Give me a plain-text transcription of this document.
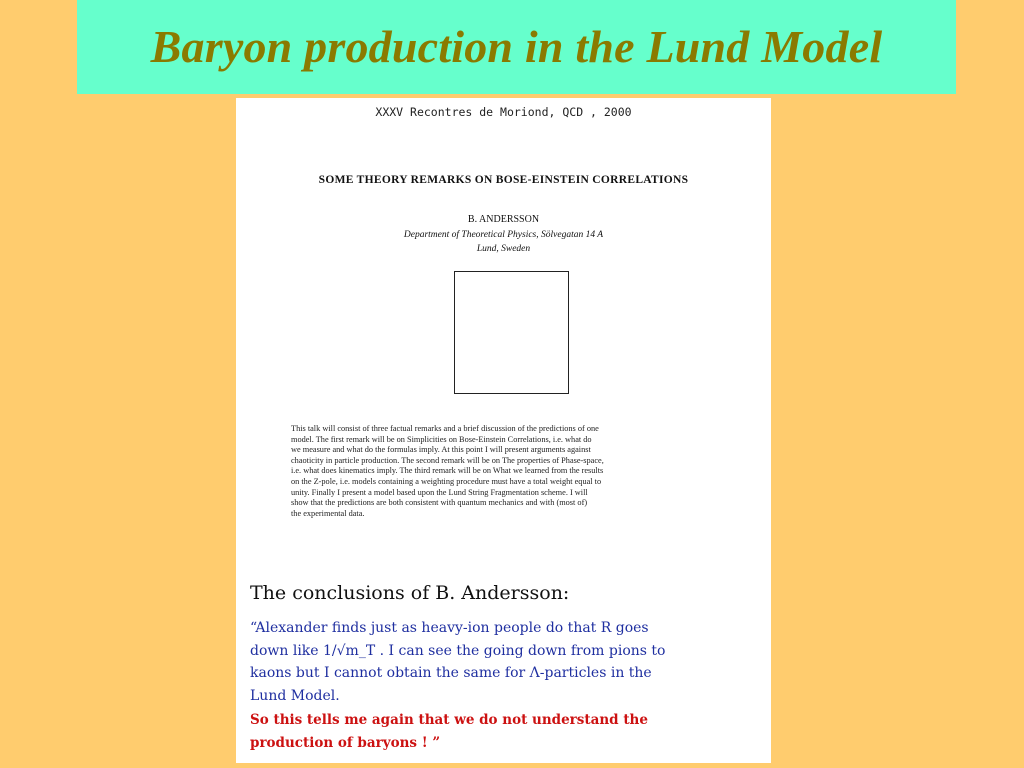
Baryon production in the Lund Model
XXXV Recontres de Moriond, QCD , 2000
SOME THEORY REMARKS ON BOSE-EINSTEIN CORRELATIONS
B. ANDERSSON
Department of Theoretical Physics, Sölvegatan 14 A
Lund, Sweden
This talk will consist of three factual remarks and a brief discussion of the predictions of one
model. The first remark will be on Simplicities on Bose-Einstein Correlations, i.e. what do
we measure and what do the formulas imply. At this point I will present arguments against
chaoticity in particle production. The second remark will be on The properties of Phase-space,
i.e. what does kinematics imply. The third remark will be on What we learned from the results
on the Z-pole, i.e. models containing a weighting procedure must have a total weight equal to
unity. Finally I present a model based upon the Lund String Fragmentation scheme. I will
show that the predictions are both consistent with quantum mechanics and with (most of)
the experimental data.
The conclusions of B. Andersson:
“Alexander finds just as heavy-ion people do that R goes
down like 1/√m_T . I can see the going down from pions to
kaons but I cannot obtain the same for Λ-particles in the
Lund Model.
So this tells me again that we do not understand the
production of baryons ! ”
